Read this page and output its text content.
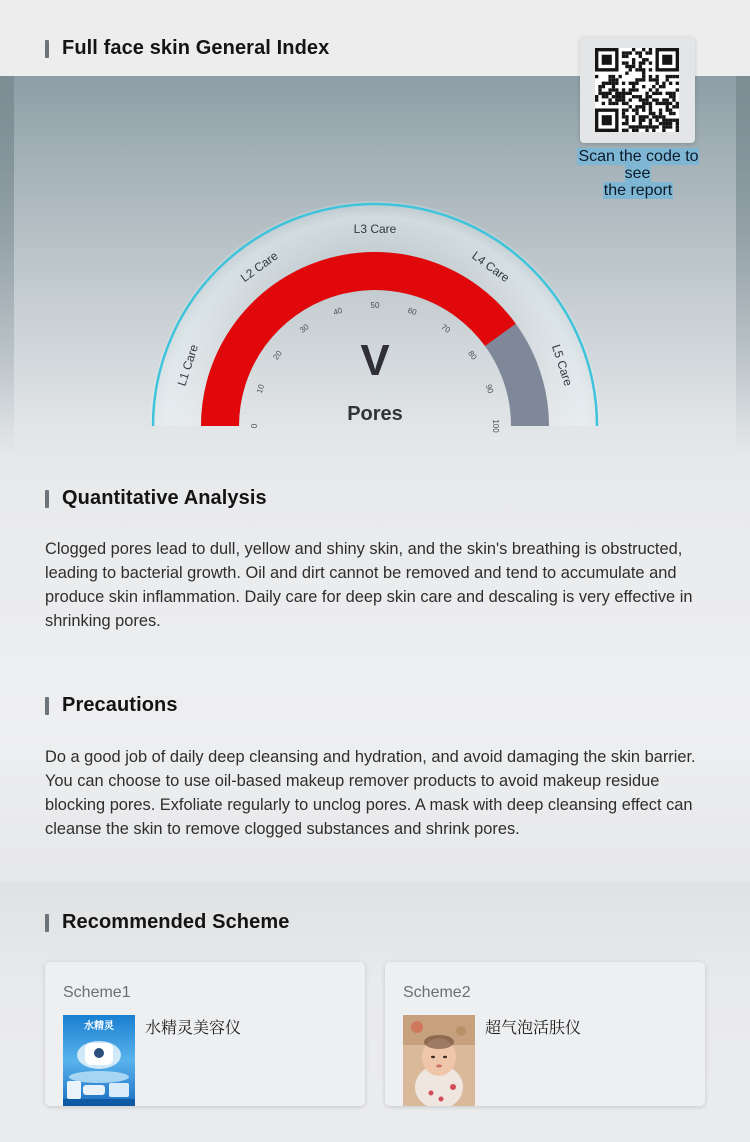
Full face skin General Index
Scan the code to see
the report
L1 Care
L2 Care
L3 Care
L4 Care
L5 Care
0
10
20
30
40
50
60
70
80
90
100
V
Pores
Quantitative Analysis
Clogged pores lead to dull, yellow and shiny skin, and the skin's breathing is obstructed,
leading to bacterial growth. Oil and dirt cannot be removed and tend to accumulate and
produce skin inflammation. Daily care for deep skin care and descaling is very effective in
shrinking pores.
Precautions
Do a good job of daily deep cleansing and hydration, and avoid damaging the skin barrier.
You can choose to use oil-based makeup remover products to avoid makeup residue
blocking pores. Exfoliate regularly to unclog pores. A mask with deep cleansing effect can
cleanse the skin to remove clogged substances and shrink pores.
Recommended Scheme
Scheme1
水精灵 水精灵美容仪
Scheme2
超气泡活肤仪
